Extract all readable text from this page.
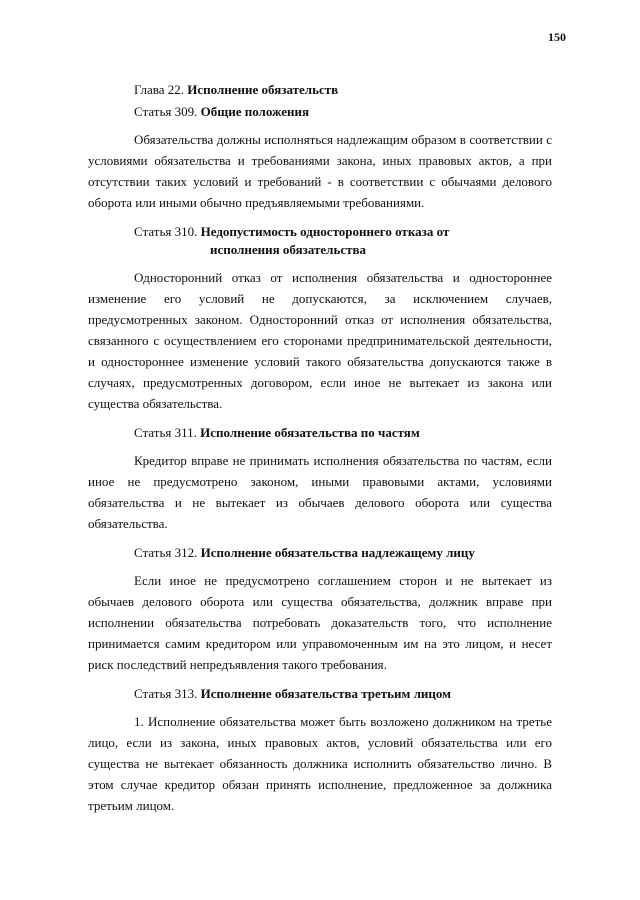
150
Глава 22. Исполнение обязательств
Статья 309. Общие положения

Обязательства должны исполняться надлежащим образом в соответствии с условиями обязательства и требованиями закона, иных правовых актов, а при отсутствии таких условий и требований - в соответствии с обычаями делового оборота или иными обычно предъявляемыми требованиями.

Статья 310. Недопустимость одностороннего отказа от
исполнения обязательства

Односторонний отказ от исполнения обязательства и одностороннее изменение его условий не допускаются, за исключением случаев, предусмотренных законом. Односторонний отказ от исполнения обязательства, связанного с осуществлением его сторонами предпринимательской деятельности, и одностороннее изменение условий такого обязательства допускаются также в случаях, предусмотренных договором, если иное не вытекает из закона или существа обязательства.

Статья 311. Исполнение обязательства по частям

Кредитор вправе не принимать исполнения обязательства по частям, если иное не предусмотрено законом, иными правовыми актами, условиями обязательства и не вытекает из обычаев делового оборота или существа обязательства.

Статья 312. Исполнение обязательства надлежащему лицу

Если иное не предусмотрено соглашением сторон и не вытекает из обычаев делового оборота или существа обязательства, должник вправе при исполнении обязательства потребовать доказательств того, что исполнение принимается самим кредитором или управомоченным им на это лицом, и несет риск последствий непредъявления такого требования.

Статья 313. Исполнение обязательства третьим лицом

1. Исполнение обязательства может быть возложено должником на третье лицо, если из закона, иных правовых актов, условий обязательства или его существа не вытекает обязанность должника исполнить обязательство лично. В этом случае кредитор обязан принять исполнение, предложенное за должника третьим лицом.
